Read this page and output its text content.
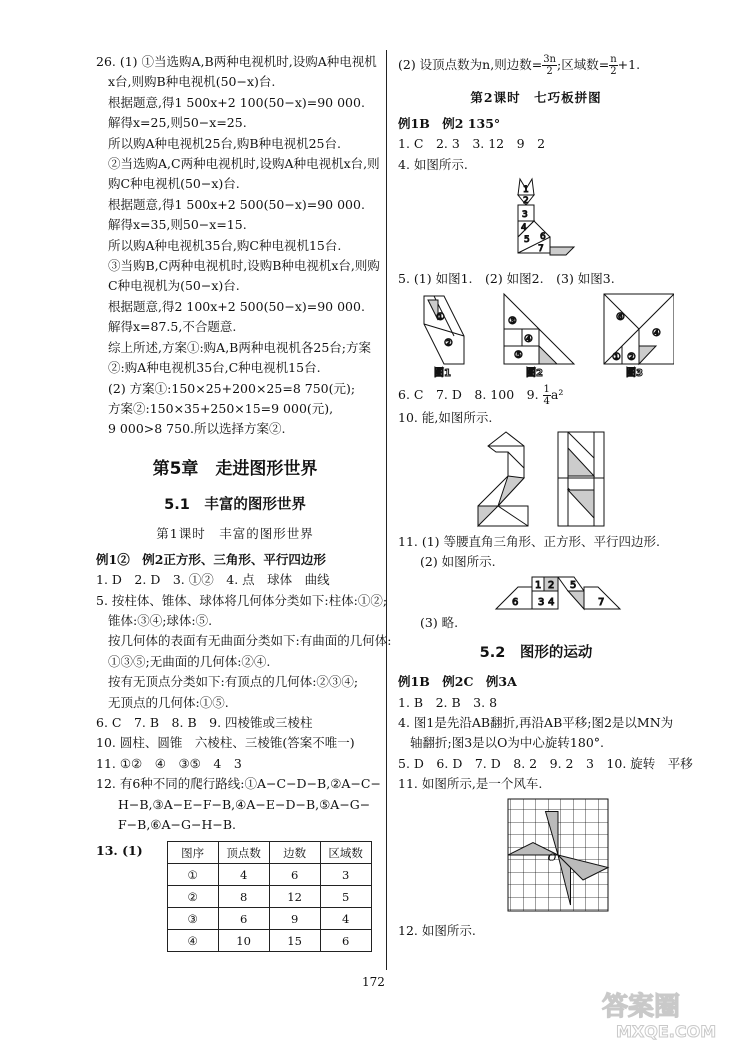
26. (1) ①当选购A,B两种电视机时,设购A种电视机
x台,则购B种电视机(50−x)台.
根据题意,得1 500x+2 100(50−x)=90 000.
解得x=25,则50−x=25.
所以购A种电视机25台,购B种电视机25台.
②当选购A,C两种电视机时,设购A种电视机x台,则
购C种电视机(50−x)台.
根据题意,得1 500x+2 500(50−x)=90 000.
解得x=35,则50−x=15.
所以购A种电视机35台,购C种电视机15台.
③当购B,C两种电视机时,设购B种电视机x台,则购
C种电视机为(50−x)台.
根据题意,得2 100x+2 500(50−x)=90 000.
解得x=87.5,不合题意.
综上所述,方案①:购A,B两种电视机各25台;方案
②:购A种电视机35台,C种电视机15台.
(2) 方案①:150×25+200×25=8 750(元);
方案②:150×35+250×15=9 000(元),
9 000>8 750.所以选择方案②.
第5章　走进图形世界
5.1　丰富的图形世界
第1课时　丰富的图形世界
例1②　例2正方形、三角形、平行四边形
1. D　2. D　3. ①②　4. 点　球体　曲线
5. 按柱体、锥体、球体将几何体分类如下:柱体:①②;
锥体:③④;球体:⑤.
按几何体的表面有无曲面分类如下:有曲面的几何体:
①③⑤;无曲面的几何体:②④.
按有无顶点分类如下:有顶点的几何体:②③④;
无顶点的几何体:①⑤.
6. C　7. B　8. B　9. 四棱锥或三棱柱
10. 圆柱、圆锥　六棱柱、三棱锥(答案不唯一)
11. ①②　④　③⑤　4　3
12. 有6种不同的爬行路线:①A−C−D−B,②A−C−
H−B,③A−E−F−B,④A−E−D−B,⑤A−G−
F−B,⑥A−G−H−B.
13. (1)	图序	顶点数	边数	区域数
①	4	6	3
②	8	12	5
③	6	9	4
④	10	15	6
(2) 设顶点数为n,则边数= $\frac{3n}{2}$ ;区域数= $\frac{n}{2} +1$.
第2课时　七巧板拼图
例1B　例2 135°
1. C　2. 3　3. 12　9　2
4. 如图所示.
1
2
3
4
5 6
7
5. (1) 如图1.　(2) 如图2.　(3) 如图3.
①
②
图1
③
④
⑤
图2
⑥
④
① ②
图3
6. C　7. D　8. 100　9. $\frac{1}{4} a^2$
10. 能,如图所示.
11. (1) 等腰直角三角形、正方形、平行四边形.
(2) 如图所示.
6
1 2
3 4
5
7
(3) 略.
5.2　图形的运动
例1B　例2C　例3A
1. B　2. B　3. 8
4. 图1是先沿AB翻折,再沿AB平移;图2是以MN为
轴翻折;图3是以O为中心旋转180°.
5. D　6. D　7. D　8. 2　9. 2　3　10. 旋转　平移
11. 如图所示,是一个风车.
O
12. 如图所示.
172
答案圈
MXQE.COM
